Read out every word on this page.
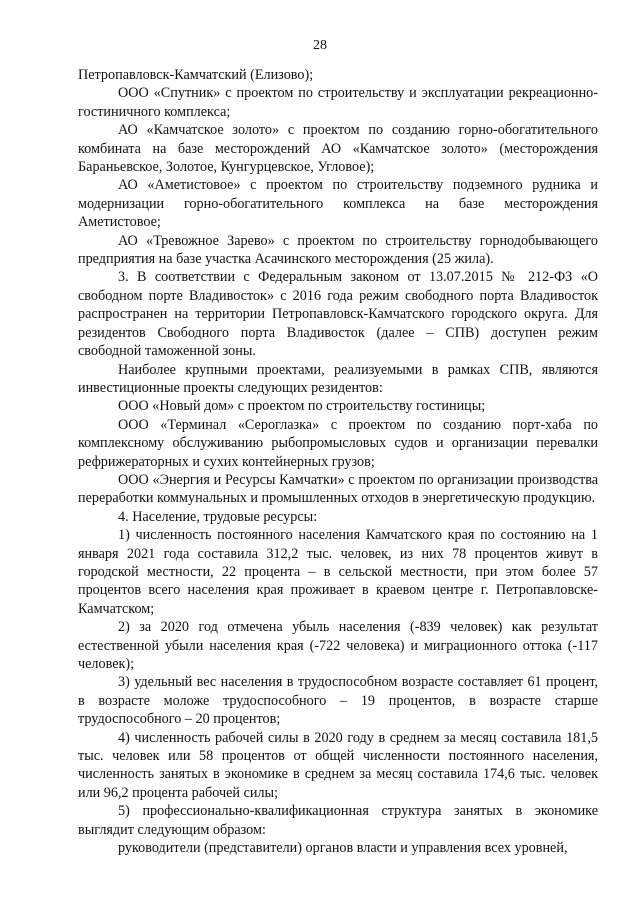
28

Петропавловск-Камчатский (Елизово);

ООО «Спутник» с проектом по строительству и эксплуатации рекреационно-гостиничного комплекса;

АО «Камчатское золото» с проектом по созданию горно-обогатительного комбината на базе месторождений АО «Камчатское золото» (месторождения Бараньевское, Золотое, Кунгурцевское, Угловое);

АО «Аметистовое» с проектом по строительству подземного рудника и модернизации горно-обогатительного комплекса на базе месторождения Аметистовое;

АО «Тревожное Зарево» с проектом по строительству горнодобывающего предприятия на базе участка Асачинского месторождения (25 жила).

3. В соответствии с Федеральным законом от 13.07.2015 № 212-ФЗ «О свободном порте Владивосток» с 2016 года режим свободного порта Владивосток распространен на территории Петропавловск-Камчатского городского округа. Для резидентов Свободного порта Владивосток (далее – СПВ) доступен режим свободной таможенной зоны.

Наиболее крупными проектами, реализуемыми в рамках СПВ, являются инвестиционные проекты следующих резидентов:

ООО «Новый дом» с проектом по строительству гостиницы;

ООО «Терминал «Сероглазка» с проектом по созданию порт-хаба по комплексному обслуживанию рыбопромысловых судов и организации перевалки рефрижераторных и сухих контейнерных грузов;

ООО «Энергия и Ресурсы Камчатки» с проектом по организации производства переработки коммунальных и промышленных отходов в энергетическую продукцию.

4. Население, трудовые ресурсы:

1) численность постоянного населения Камчатского края по состоянию на 1 января 2021 года составила 312,2 тыс. человек, из них 78 процентов живут в городской местности, 22 процента – в сельской местности, при этом более 57 процентов всего населения края проживает в краевом центре г. Петропавловске-Камчатском;

2) за 2020 год отмечена убыль населения (-839 человек) как результат естественной убыли населения края (-722 человека) и миграционного оттока (-117 человек);

3) удельный вес населения в трудоспособном возрасте составляет 61 процент, в возрасте моложе трудоспособного – 19 процентов, в возрасте старше трудоспособного – 20 процентов;

4) численность рабочей силы в 2020 году в среднем за месяц составила 181,5 тыс. человек или 58 процентов от общей численности постоянного населения, численность занятых в экономике в среднем за месяц составила 174,6 тыс. человек или 96,2 процента рабочей силы;

5) профессионально-квалификационная структура занятых в экономике выглядит следующим образом:

руководители (представители) органов власти и управления всех уровней,
